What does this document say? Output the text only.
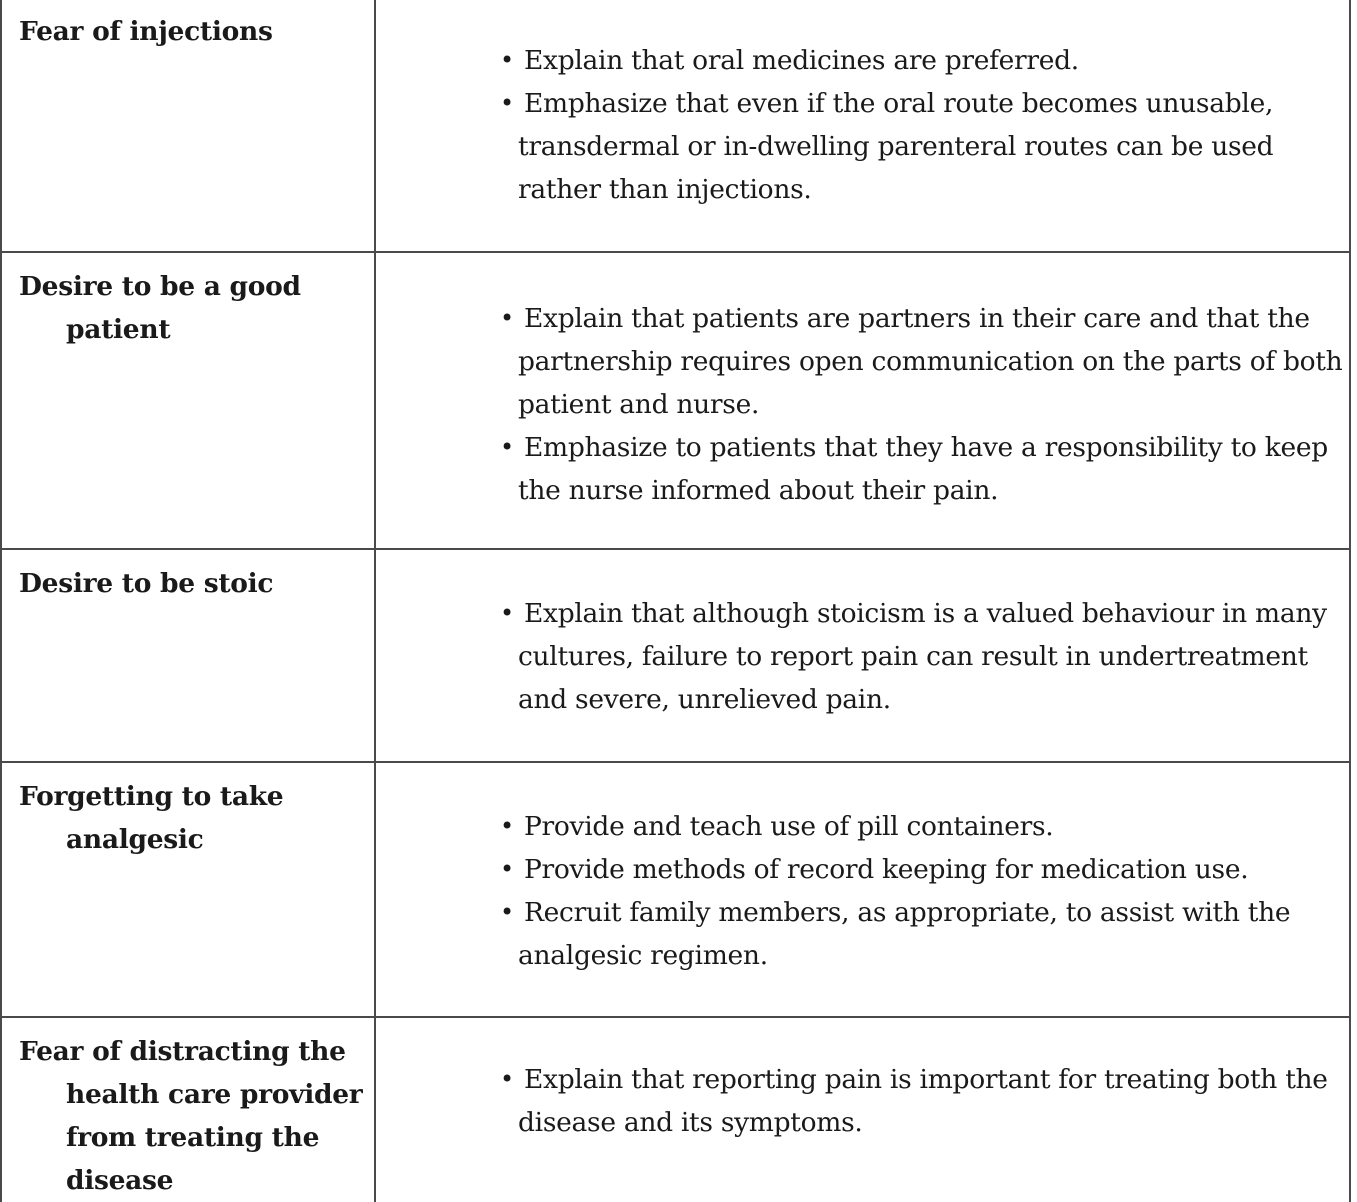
Fear of injections

• Explain that oral medicines are preferred.
• Emphasize that even if the oral route becomes unusable, transdermal or in-dwelling parenteral routes can be used rather than injections.

Desire to be a good patient	• Explain that patients are partners in their care and that the partnership requires open communication on the parts of both patient and nurse.
• Emphasize to patients that they have a responsibility to keep the nurse informed about their pain.

Desire to be stoic

• Explain that although stoicism is a valued behaviour in many cultures, failure to report pain can result in undertreatment and severe, unrelieved pain.

Forgetting to take analgesic	• Provide and teach use of pill containers.
• Provide methods of record keeping for medication use.
• Recruit family members, as appropriate, to assist with the analgesic regimen.

Fear of distracting the health care provider from treating the disease

• Explain that reporting pain is important for treating both the disease and its symptoms.
